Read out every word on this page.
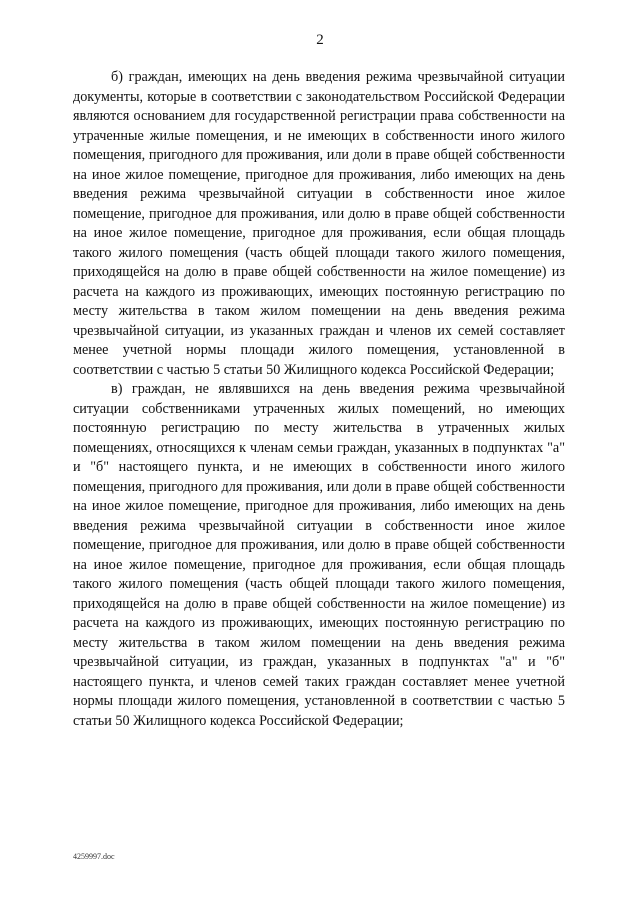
2

б) граждан, имеющих на день введения режима чрезвычайной ситуации документы, которые в соответствии с законодательством Российской Федерации являются основанием для государственной регистрации права собственности на утраченные жилые помещения, и не имеющих в собственности иного жилого помещения, пригодного для проживания, или доли в праве общей собственности на иное жилое помещение, пригодное для проживания, либо имеющих на день введения режима чрезвычайной ситуации в собственности иное жилое помещение, пригодное для проживания, или долю в праве общей собственности на иное жилое помещение, пригодное для проживания, если общая площадь такого жилого помещения (часть общей площади такого жилого помещения, приходящейся на долю в праве общей собственности на жилое помещение) из расчета на каждого из проживающих, имеющих постоянную регистрацию по месту жительства в таком жилом помещении на день введения режима чрезвычайной ситуации, из указанных граждан и членов их семей составляет менее учетной нормы площади жилого помещения, установленной в соответствии с частью 5 статьи 50 Жилищного кодекса Российской Федерации;

в) граждан, не являвшихся на день введения режима чрезвычайной ситуации собственниками утраченных жилых помещений, но имеющих постоянную регистрацию по месту жительства в утраченных жилых помещениях, относящихся к членам семьи граждан, указанных в подпунктах "а" и "б" настоящего пункта, и не имеющих в собственности иного жилого помещения, пригодного для проживания, или доли в праве общей собственности на иное жилое помещение, пригодное для проживания, либо имеющих на день введения режима чрезвычайной ситуации в собственности иное жилое помещение, пригодное для проживания, или долю в праве общей собственности на иное жилое помещение, пригодное для проживания, если общая площадь такого жилого помещения (часть общей площади такого жилого помещения, приходящейся на долю в праве общей собственности на жилое помещение) из расчета на каждого из проживающих, имеющих постоянную регистрацию по месту жительства в таком жилом помещении на день введения режима чрезвычайной ситуации, из граждан, указанных в подпунктах "а" и "б" настоящего пункта, и членов семей таких граждан составляет менее учетной нормы площади жилого помещения, установленной в соответствии с частью 5 статьи 50 Жилищного кодекса Российской Федерации;

4259997.doc
